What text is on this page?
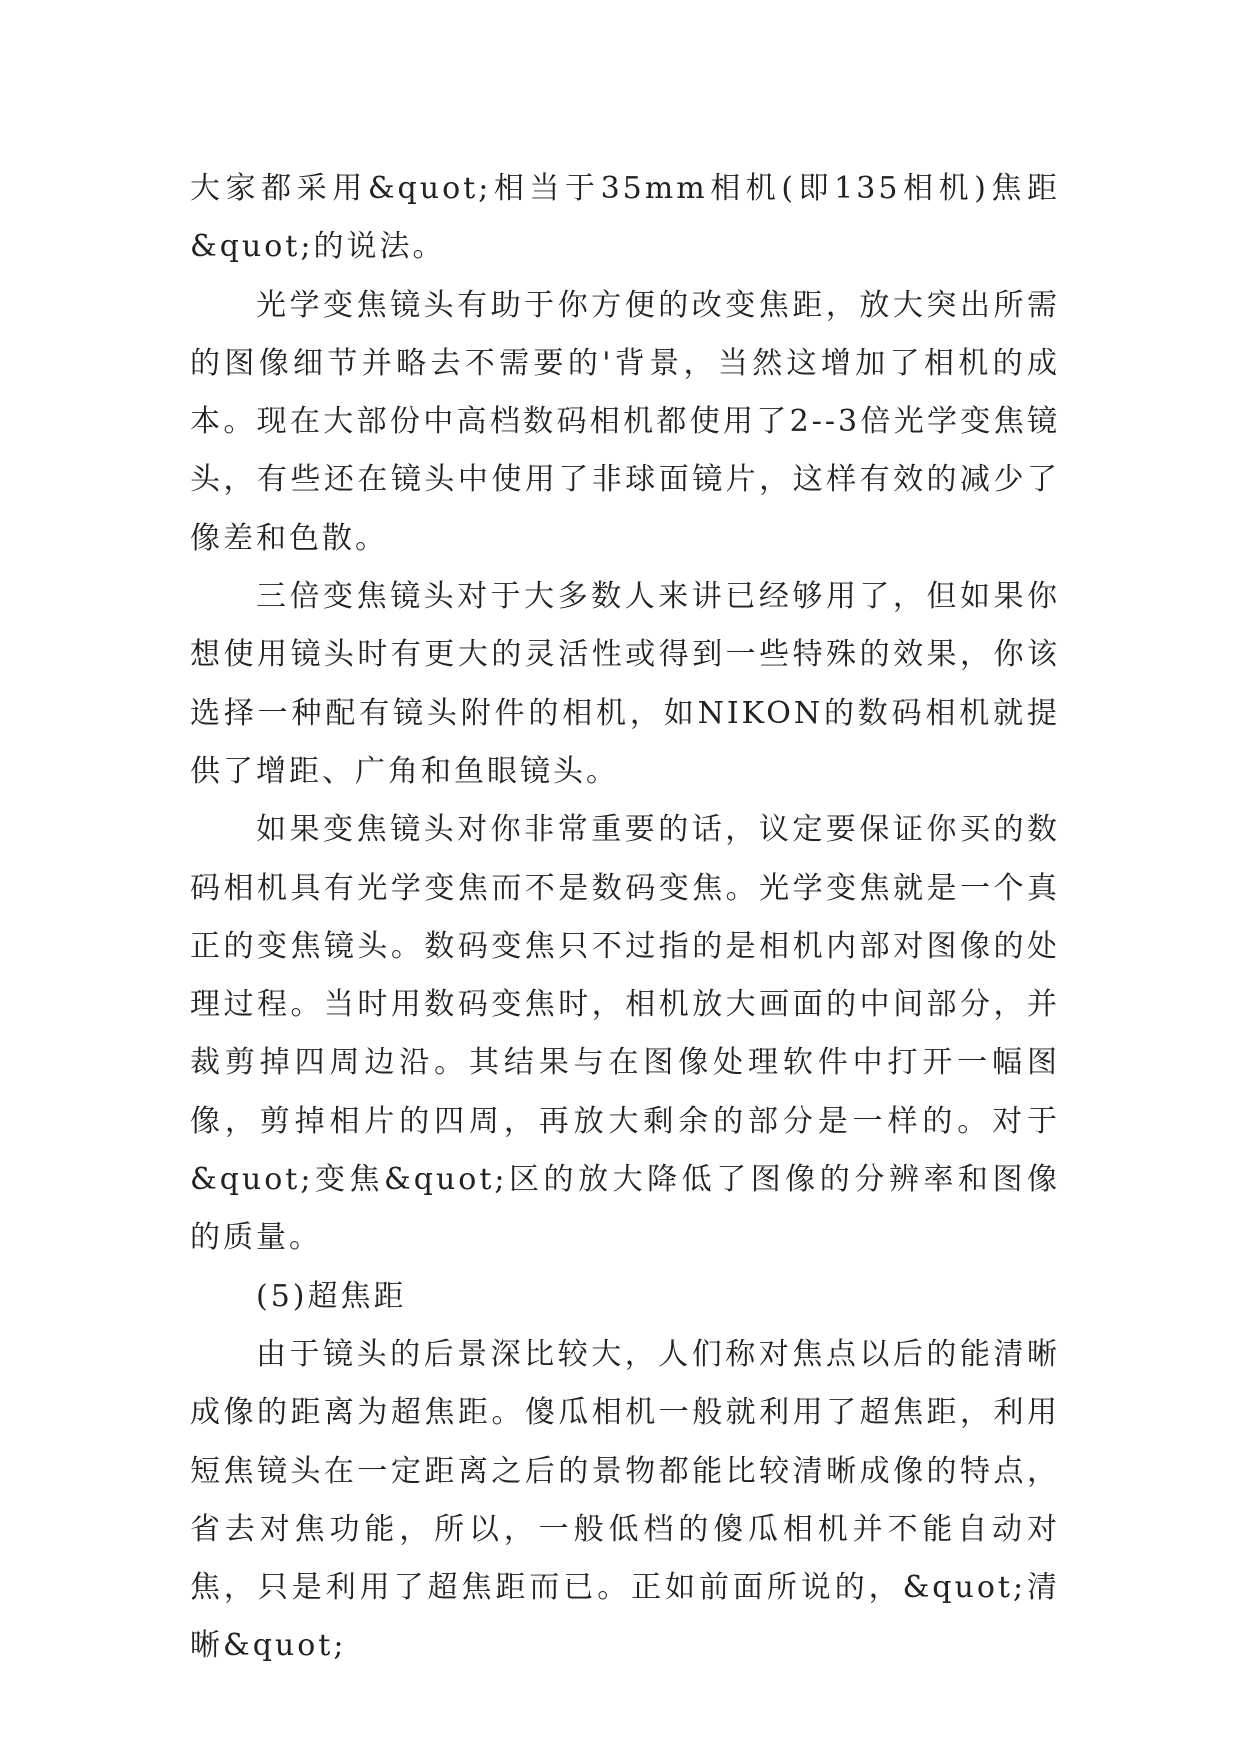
大家都采用&quot;相当于35mm相机(即135相机)焦距&quot;的说法。

光学变焦镜头有助于你方便的改变焦距，放大突出所需的图像细节并略去不需要的'背景，当然这增加了相机的成本。现在大部份中高档数码相机都使用了2--3倍光学变焦镜头，有些还在镜头中使用了非球面镜片，这样有效的减少了像差和色散。

三倍变焦镜头对于大多数人来讲已经够用了，但如果你想使用镜头时有更大的灵活性或得到一些特殊的效果，你该选择一种配有镜头附件的相机，如NIKON的数码相机就提供了增距、广角和鱼眼镜头。

如果变焦镜头对你非常重要的话，议定要保证你买的数码相机具有光学变焦而不是数码变焦。光学变焦就是一个真正的变焦镜头。数码变焦只不过指的是相机内部对图像的处理过程。当时用数码变焦时，相机放大画面的中间部分，并裁剪掉四周边沿。其结果与在图像处理软件中打开一幅图像，剪掉相片的四周，再放大剩余的部分是一样的。对于&quot;变焦&quot;区的放大降低了图像的分辨率和图像的质量。

(5)超焦距

由于镜头的后景深比较大，人们称对焦点以后的能清晰成像的距离为超焦距。傻瓜相机一般就利用了超焦距，利用短焦镜头在一定距离之后的景物都能比较清晰成像的特点，省去对焦功能，所以，一般低档的傻瓜相机并不能自动对焦，只是利用了超焦距而已。正如前面所说的，&quot;清晰&quot;
